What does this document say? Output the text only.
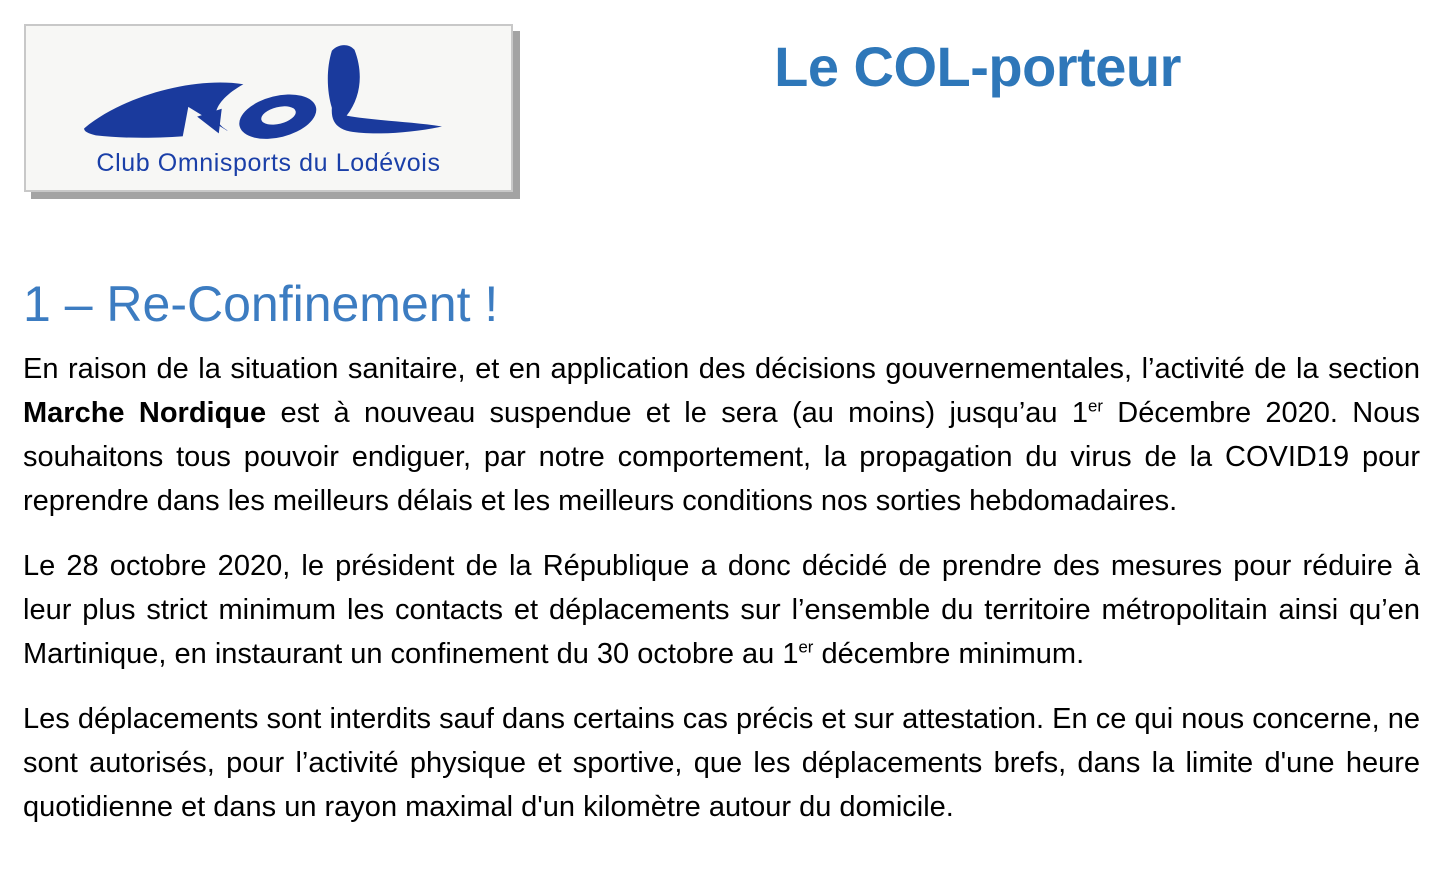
Club Omnisports du Lodévois
Le COL-porteur
1 – Re-Confinement !

En raison de la situation sanitaire, et en application des décisions gouvernementales, l’activité de la section Marche Nordique est à nouveau suspendue et le sera (au moins) jusqu’au 1er Décembre 2020. Nous souhaitons tous pouvoir endiguer, par notre comportement, la propagation du virus de la COVID19 pour reprendre dans les meilleurs délais et les meilleurs conditions nos sorties hebdomadaires.

Le 28 octobre 2020, le président de la République a donc décidé de prendre des mesures pour réduire à leur plus strict minimum les contacts et déplacements sur l’ensemble du territoire métropolitain ainsi qu’en Martinique, en instaurant un confinement du 30 octobre au 1er décembre minimum.

Les déplacements sont interdits sauf dans certains cas précis et sur attestation. En ce qui nous concerne, ne sont autorisés, pour l’activité physique et sportive, que les déplacements brefs, dans la limite d'une heure quotidienne et dans un rayon maximal d'un kilomètre autour du domicile.
